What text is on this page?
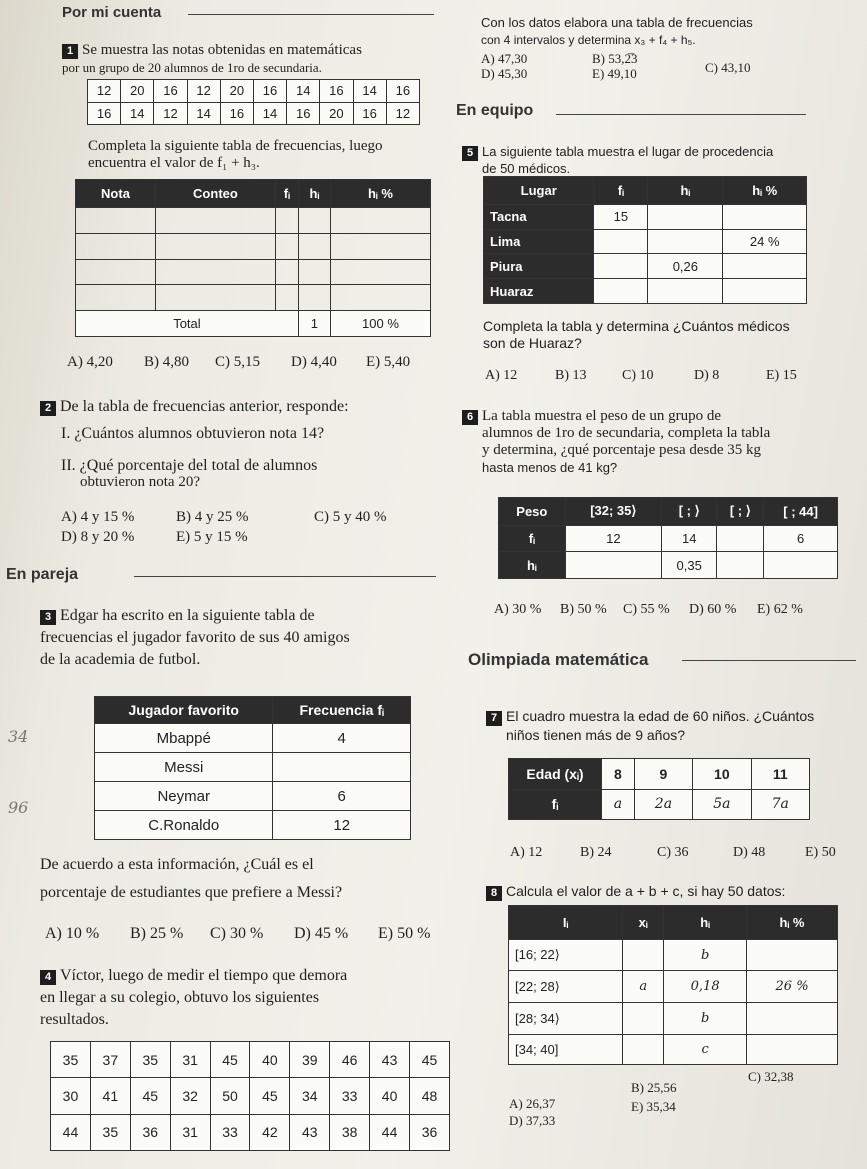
Por mi cuenta
1 Se muestra las notas obtenidas en matemáticas
por un grupo de 20 alumnos de 1ro de secundaria.
12	20	16	12	20	16	14	16	14	16
16	14	12	14	16	14	16	20	16	12
Completa la siguiente tabla de frecuencias, luego
encuentra el valor de f₁ + h₃.
Nota	Conteo	fᵢ	hᵢ	hᵢ %

Total			1	100 %
A) 4,20 B) 4,80 C) 5,15 D) 4,40 E) 5,40
2 De la tabla de frecuencias anterior, responde:
I. ¿Cuántos alumnos obtuvieron nota 14?
II. ¿Qué porcentaje del total de alumnos
obtuvieron nota 20?
A) 4 y 15 %	B) 4 y 25 %	C) 5 y 40 %
D) 8 y 20 %	E) 5 y 15 %
En pareja
3 Edgar ha escrito en la siguiente tabla de
frecuencias el jugador favorito de sus 40 amigos
de la academia de futbol.
Jugador favorito	Frecuencia fᵢ
Mbappé	4
Messi	
Neymar	6
C.Ronaldo	12
34
96
De acuerdo a esta información, ¿Cuál es el
porcentaje de estudiantes que prefiere a Messi?
A) 10 % B) 25 % C) 30 % D) 45 % E) 50 %
4 Víctor, luego de medir el tiempo que demora
en llegar a su colegio, obtuvo los siguientes
resultados.
35	37	35	31	45	40	39	46	43	45
30	41	45	32	50	45	34	33	40	48
44	35	36	31	33	42	43	38	44	36
Con los datos elabora una tabla de frecuencias
con 4 intervalos y determina x₃ + f₄ + h₅.
A) 47,30	B) 53,2̅3
C) 43,10
D) 45,30	E) 49,10
En equipo
5 La siguiente tabla muestra el lugar de procedencia
de 50 médicos.
Lugar	fᵢ	hᵢ	hᵢ %
Tacna	15		
Lima			24 %
Piura		0,26	
Huaraz			
Completa la tabla y determina ¿Cuántos médicos
son de Huaraz?
A) 12	B) 13	C) 10	D) 8	E) 15
6 La tabla muestra el peso de un grupo de
alumnos de 1ro de secundaria, completa la tabla
y determina, ¿qué porcentaje pesa desde 35 kg
hasta menos de 41 kg?
Peso	[32; 35⟩	[ ; ⟩	[ ; ⟩	[ ; 44]
fᵢ	12	14		6
hᵢ		0,35		
A) 30 % B) 50 % C) 55 % D) 60 % E) 62 %
Olimpiada matemática
7 El cuadro muestra la edad de 60 niños. ¿Cuántos
niños tienen más de 9 años?
Edad (xᵢ)	8	9	10	11
fᵢ	a	2a	5a	7a
A) 12	B) 24	C) 36	D) 48	E) 50
8 Calcula el valor de a + b + c, si hay 50 datos:
Iᵢ	xᵢ	hᵢ	hᵢ %
[16; 22⟩		b	
[22; 28⟩	a	0,18	26 %
[28; 34⟩		b	
[34; 40]		c	
A) 26,37
B) 25,56
C) 32,38
D) 37,33
E) 35,34
